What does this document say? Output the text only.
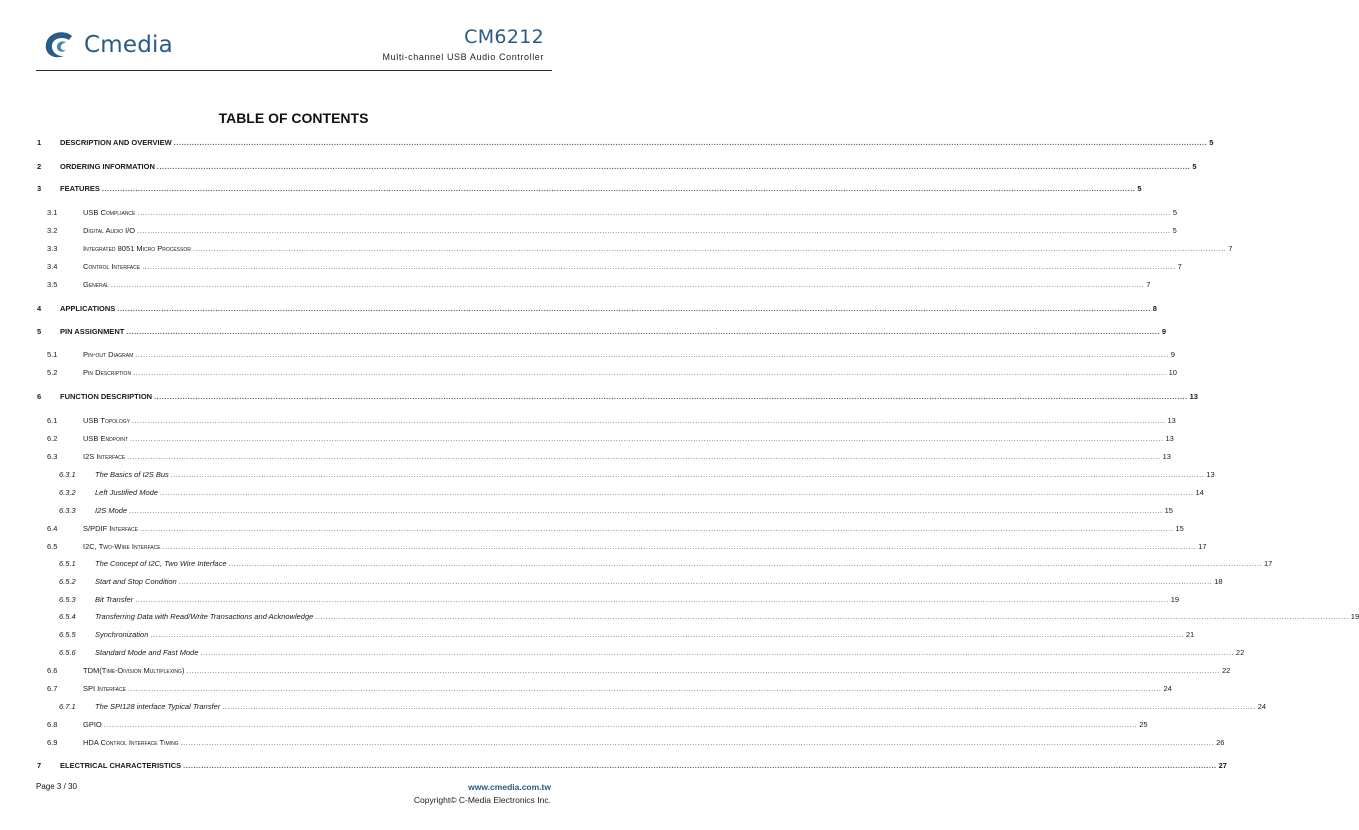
Cmedia	CM6212
Multi-channel USB Audio Controller
TABLE OF CONTENTS
1	DESCRIPTION AND OVERVIEW ................................................................................................................................................................................................................................................................................................................................................................................................................ 5
2	ORDERING INFORMATION ................................................................................................................................................................................................................................................................................................................................................................................................................ 5
3	FEATURES ................................................................................................................................................................................................................................................................................................................................................................................................................ 5
3.1	USB Compliance ................................................................................................................................................................................................................................................................................................................................................................................................................ 5
3.2	Digital Audio I/O ................................................................................................................................................................................................................................................................................................................................................................................................................ 5
3.3	Integrated 8051 Micro Processor ................................................................................................................................................................................................................................................................................................................................................................................................................ 7
3.4	Control Interface ................................................................................................................................................................................................................................................................................................................................................................................................................ 7
3.5	General ................................................................................................................................................................................................................................................................................................................................................................................................................ 7
4	APPLICATIONS ................................................................................................................................................................................................................................................................................................................................................................................................................ 8
5	PIN ASSIGNMENT ................................................................................................................................................................................................................................................................................................................................................................................................................ 9
5.1	Pin-out Diagram ................................................................................................................................................................................................................................................................................................................................................................................................................ 9
5.2	Pin Description ................................................................................................................................................................................................................................................................................................................................................................................................................ 10
6	FUNCTION DESCRIPTION ................................................................................................................................................................................................................................................................................................................................................................................................................ 13
6.1	USB Topology ................................................................................................................................................................................................................................................................................................................................................................................................................ 13
6.2	USB Endpoint ................................................................................................................................................................................................................................................................................................................................................................................................................ 13
6.3	I2S Interface ................................................................................................................................................................................................................................................................................................................................................................................................................ 13
6.3.1	The Basics of I2S Bus ................................................................................................................................................................................................................................................................................................................................................................................................................ 13
6.3.2	Left Justified Mode ................................................................................................................................................................................................................................................................................................................................................................................................................ 14
6.3.3	I2S Mode ................................................................................................................................................................................................................................................................................................................................................................................................................ 15
6.4	S/PDIF Interface ................................................................................................................................................................................................................................................................................................................................................................................................................ 15
6.5	I2C, Two-Wire Interface ................................................................................................................................................................................................................................................................................................................................................................................................................ 17
6.5.1	The Concept of I2C, Two Wire Interface ................................................................................................................................................................................................................................................................................................................................................................................................................ 17
6.5.2	Start and Stop Condition ................................................................................................................................................................................................................................................................................................................................................................................................................ 18
6.5.3	Bit Transfer ................................................................................................................................................................................................................................................................................................................................................................................................................ 19
6.5.4	Transferring Data with Read/Write Transactions and Acknowledge ................................................................................................................................................................................................................................................................................................................................................................................................................ 19
6.5.5	Synchronization ................................................................................................................................................................................................................................................................................................................................................................................................................ 21
6.5.6	Standard Mode and Fast Mode ................................................................................................................................................................................................................................................................................................................................................................................................................ 22
6.6	TDM(Time-Division Multiplexing) ................................................................................................................................................................................................................................................................................................................................................................................................................ 22
6.7	SPI Interface ................................................................................................................................................................................................................................................................................................................................................................................................................ 24
6.7.1	The SPI128 interface Typical Transfer ................................................................................................................................................................................................................................................................................................................................................................................................................ 24
6.8	GPIO ................................................................................................................................................................................................................................................................................................................................................................................................................ 25
6.9	HDA Control Interface Timing ................................................................................................................................................................................................................................................................................................................................................................................................................ 26
7	ELECTRICAL CHARACTERISTICS ................................................................................................................................................................................................................................................................................................................................................................................................................ 27
Page 3 / 30	www.cmedia.com.tw
Copyright© C-Media Electronics Inc.
